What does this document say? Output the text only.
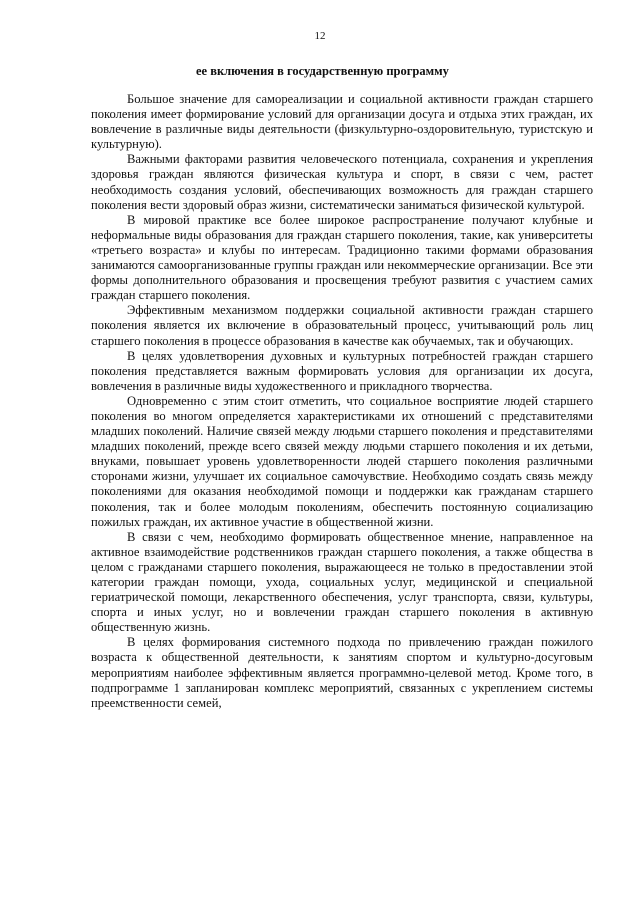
12
ее включения в государственную программу

Большое значение для самореализации и социальной активности граждан старшего поколения имеет формирование условий для организации досуга и отдыха этих граждан, их вовлечение в различные виды деятельности (физкультурно-оздоровительную, туристскую и культурную).

Важными факторами развития человеческого потенциала, сохранения и укрепления здоровья граждан являются физическая культура и спорт, в связи с чем, растет необходимость создания условий, обеспечивающих возможность для граждан старшего поколения вести здоровый образ жизни, систематически заниматься физической культурой.

В мировой практике все более широкое распространение получают клубные и неформальные виды образования для граждан старшего поколения, такие, как университеты «третьего возраста» и клубы по интересам. Традиционно такими формами образования занимаются самоорганизованные группы граждан или некоммерческие организации. Все эти формы дополнительного образования и просвещения требуют развития с участием самих граждан старшего поколения.

Эффективным механизмом поддержки социальной активности граждан старшего поколения является их включение в образовательный процесс, учитывающий роль лиц старшего поколения в процессе образования в качестве как обучаемых, так и обучающих.

В целях удовлетворения духовных и культурных потребностей граждан старшего поколения представляется важным формировать условия для организации их досуга, вовлечения в различные виды художественного и прикладного творчества.

Одновременно с этим стоит отметить, что социальное восприятие людей старшего поколения во многом определяется характеристиками их отношений с представителями младших поколений. Наличие связей между людьми старшего поколения и представителями младших поколений, прежде всего связей между людьми старшего поколения и их детьми, внуками, повышает уровень удовлетворенности людей старшего поколения различными сторонами жизни, улучшает их социальное самочувствие. Необходимо создать связь между поколениями для оказания необходимой помощи и поддержки как гражданам старшего поколения, так и более молодым поколениям, обеспечить постоянную социализацию пожилых граждан, их активное участие в общественной жизни.

В связи с чем, необходимо формировать общественное мнение, направленное на активное взаимодействие родственников граждан старшего поколения, а также общества в целом с гражданами старшего поколения, выражающееся не только в предоставлении этой категории граждан помощи, ухода, социальных услуг, медицинской и специальной гериатрической помощи, лекарственного обеспечения, услуг транспорта, связи, культуры, спорта и иных услуг, но и вовлечении граждан старшего поколения в активную общественную жизнь.

В целях формирования системного подхода по привлечению граждан пожилого возраста к общественной деятельности, к занятиям спортом и культурно-досуговым мероприятиям наиболее эффективным является программно-целевой метод. Кроме того, в подпрограмме 1 запланирован комплекс мероприятий, связанных с укреплением системы преемственности семей,
